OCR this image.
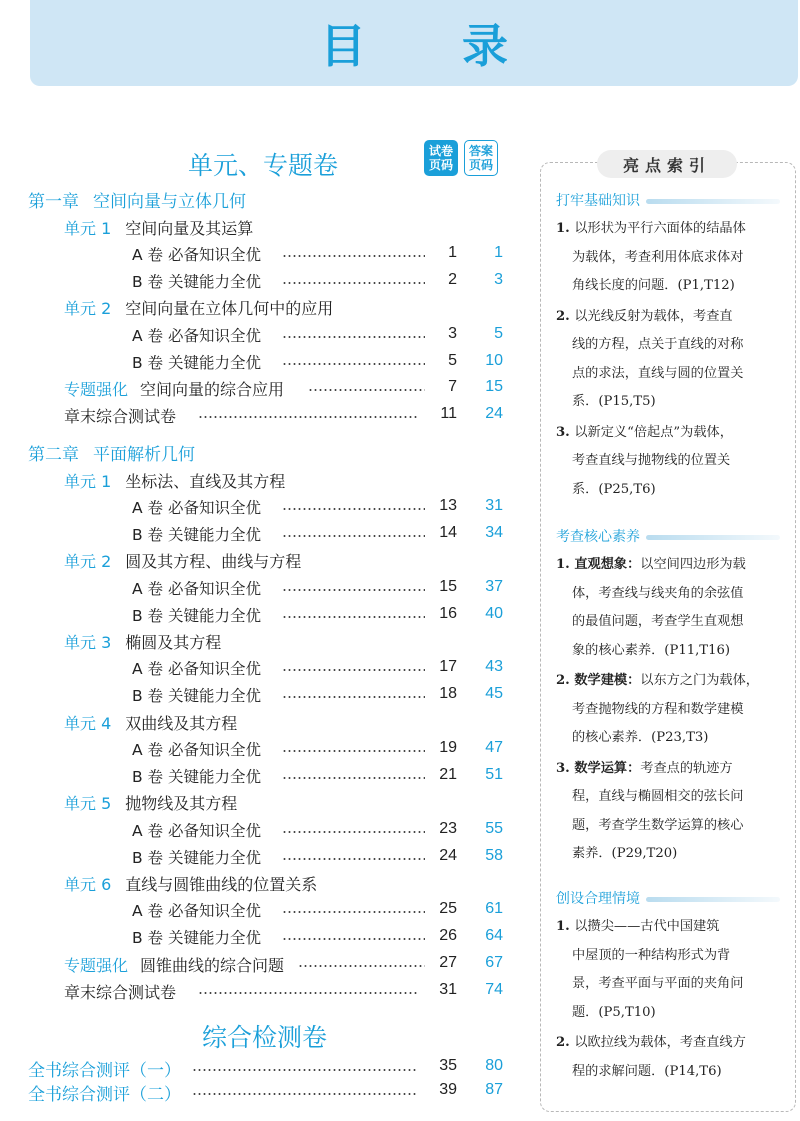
目 录
单元、专题卷	试卷
页码
答案
页码
第一章 空间向量与立体几何
单元 1 空间向量及其运算
A 卷 必备知识全优	1	1
B 卷 关键能力全优	2	3
单元 2 空间向量在立体几何中的应用
A 卷 必备知识全优	3	5
B 卷 关键能力全优	5	10
专题强化 空间向量的综合应用	7	15
章末综合测试卷	11	24
第二章 平面解析几何
单元 1 坐标法、直线及其方程
A 卷 必备知识全优	13	31
B 卷 关键能力全优	14	34
单元 2 圆及其方程、曲线与方程
A 卷 必备知识全优	15	37
B 卷 关键能力全优	16	40
单元 3 椭圆及其方程
A 卷 必备知识全优	17	43
B 卷 关键能力全优	18	45
单元 4 双曲线及其方程
A 卷 必备知识全优	19	47
B 卷 关键能力全优	21	51
单元 5 抛物线及其方程
A 卷 必备知识全优	23	55
B 卷 关键能力全优	24	58
单元 6 直线与圆锥曲线的位置关系
A 卷 必备知识全优	25	61
B 卷 关键能力全优	26	64
专题强化 圆锥曲线的综合问题	27	67
章末综合测试卷	31	74
综合检测卷
全书综合测评（一）	35	80
全书综合测评（二）	39	87
亮点索引
打牢基础知识
1. 以形状为平行六面体的结晶体
为载体，考查利用体底求体对
角线长度的问题．(P1,T12)
2. 以光线反射为载体，考查直
线的方程，点关于直线的对称
点的求法，直线与圆的位置关
系．(P15,T5)
3. 以新定义“倍起点”为载体，
考查直线与抛物线的位置关
系．(P25,T6)
考查核心素养
1. 直观想象：以空间四边形为载
体，考查线与线夹角的余弦值
的最值问题，考查学生直观想
象的核心素养．(P11,T16)
2. 数学建模：以东方之门为载体，
考查抛物线的方程和数学建模
的核心素养．(P23,T3)
3. 数学运算：考查点的轨迹方
程，直线与椭圆相交的弦长问
题，考查学生数学运算的核心
素养．(P29,T20)
创设合理情境
1. 以攒尖——古代中国建筑
中屋顶的一种结构形式为背
景，考查平面与平面的夹角问
题．(P5,T10)
2. 以欧拉线为载体，考查直线方
程的求解问题．(P14,T6)
